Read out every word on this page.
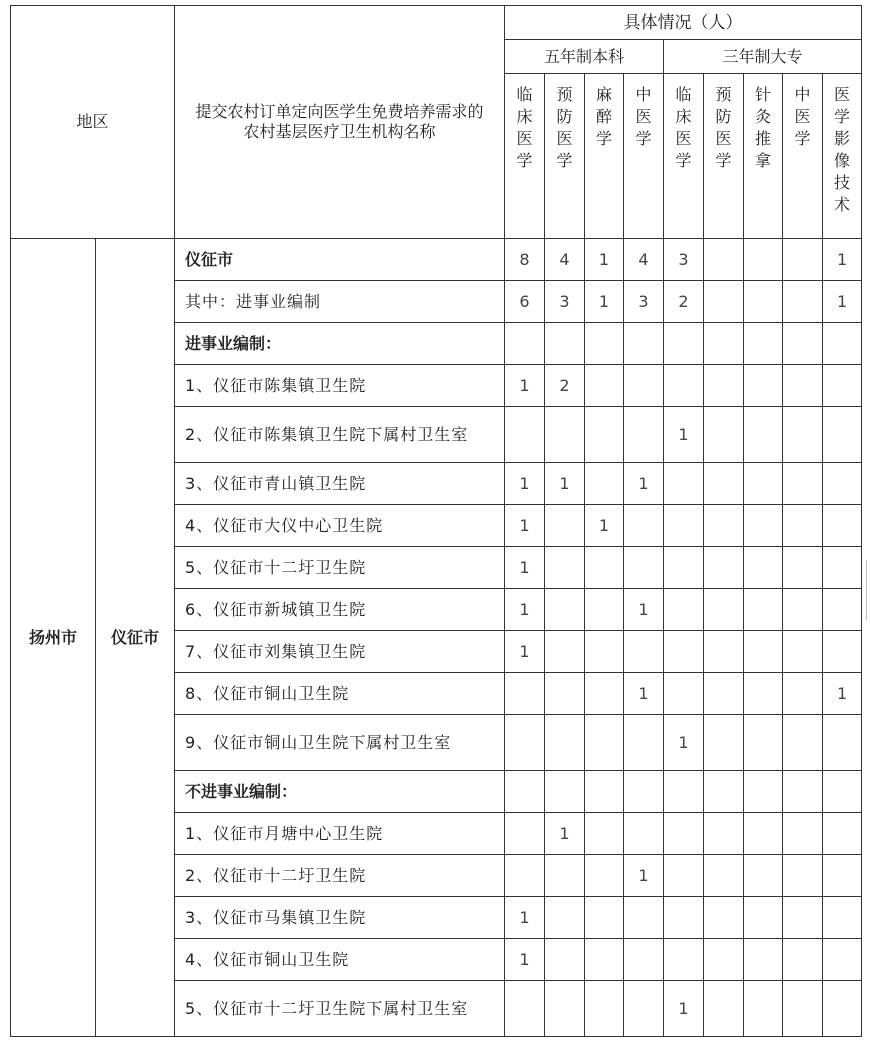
地区		提交农村订单定向医学生免费培养需求的农村基层医疗卫生机构名称	具体情况（人）								
			五年制本科				三年制大专				
			临床医学	预防医学	麻醉学	中医学	临床医学	预防医学	针灸推拿	中医学	医学影像技术
扬州市	仪征市	仪征市	8	4	1	4	3				1
		其中：进事业编制	6	3	1	3	2				1
		进事业编制：									
		1、仪征市陈集镇卫生院	1	2							
		2、仪征市陈集镇卫生院下属村卫生室					1				
		3、仪征市青山镇卫生院	1	1		1					
		4、仪征市大仪中心卫生院	1		1						
		5、仪征市十二圩卫生院	1								
		6、仪征市新城镇卫生院	1			1					
		7、仪征市刘集镇卫生院	1								
		8、仪征市铜山卫生院				1					1
		9、仪征市铜山卫生院下属村卫生室					1				
		不进事业编制：									
		1、仪征市月塘中心卫生院		1							
		2、仪征市十二圩卫生院				1					
		3、仪征市马集镇卫生院	1								
		4、仪征市铜山卫生院	1								
		5、仪征市十二圩卫生院下属村卫生室					1				
